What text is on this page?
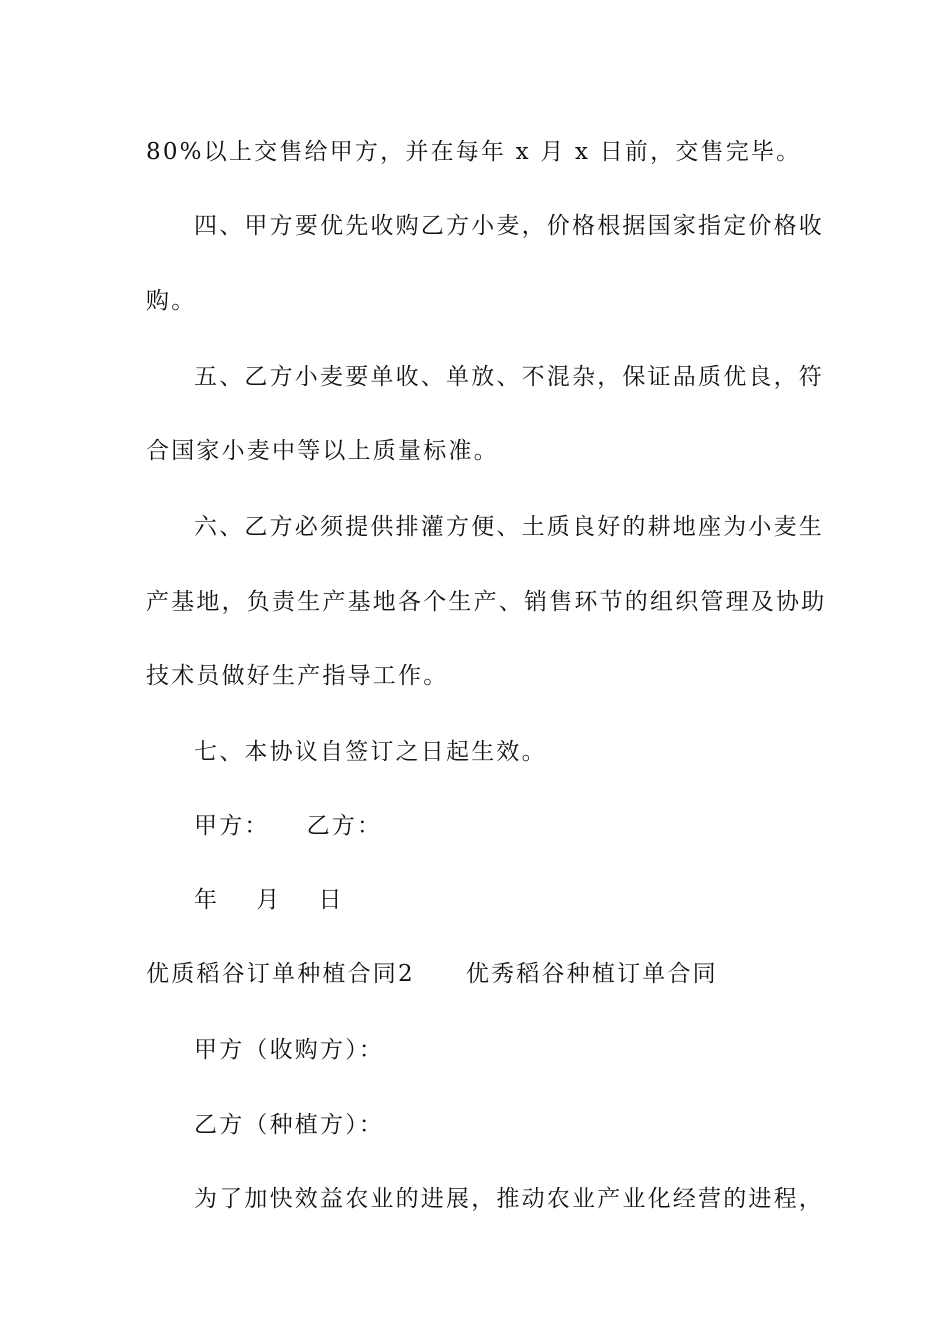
80%以上交售给甲方，并在每年 x 月 x 日前，交售完毕。
四、甲方要优先收购乙方小麦，价格根据国家指定价格收
购。
五、乙方小麦要单收、单放、不混杂，保证品质优良，符
合国家小麦中等以上质量标准。
六、乙方必须提供排灌方便、土质良好的耕地座为小麦生
产基地，负责生产基地各个生产、销售环节的组织管理及协助
技术员做好生产指导工作。
七、本协议自签订之日起生效。
甲方： 乙方：
年 月 日
优质稻谷订单种植合同2 优秀稻谷种植订单合同
甲方（收购方）：
乙方（种植方）：
为了加快效益农业的进展，推动农业产业化经营的进程，
